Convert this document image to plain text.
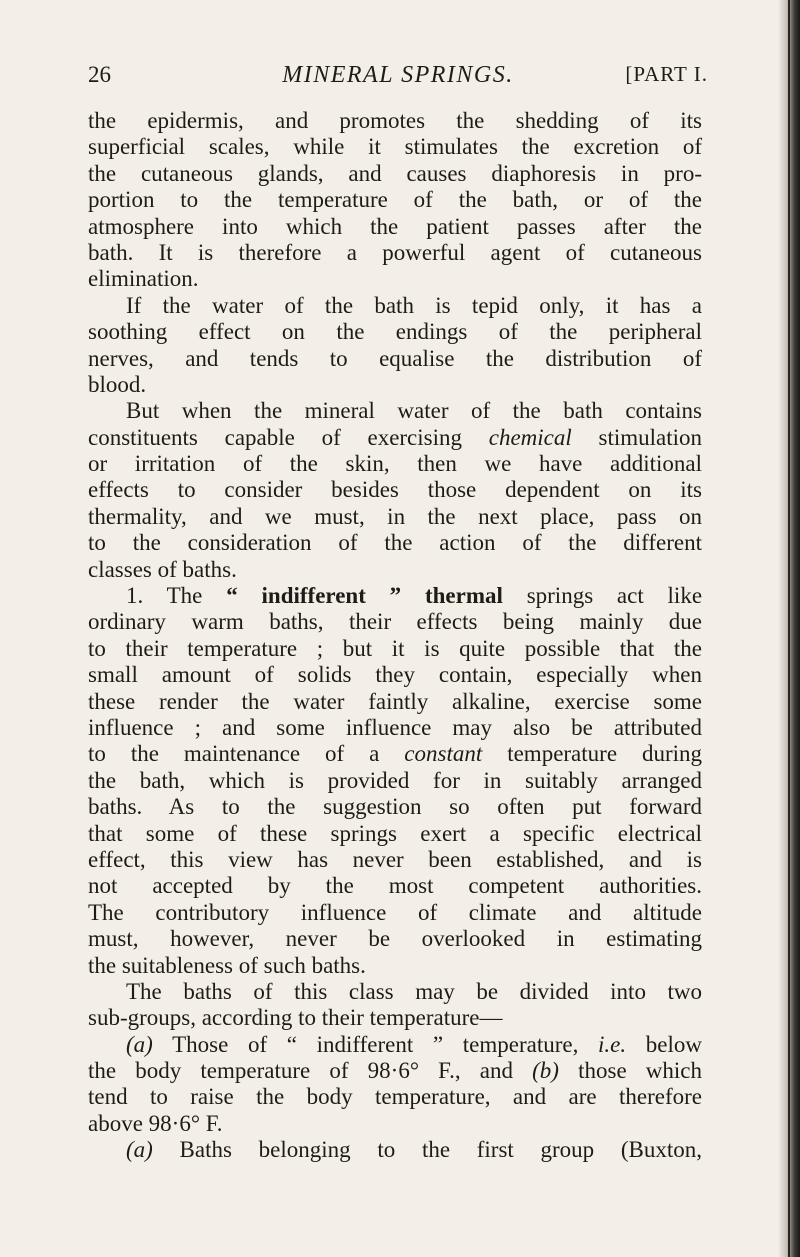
26	MINERAL SPRINGS.	[PART I.
the epidermis, and promotes the shedding of its
superficial scales, while it stimulates the excretion of
the cutaneous glands, and causes diaphoresis in pro-
portion to the temperature of the bath, or of the
atmosphere into which the patient passes after the
bath. It is therefore a powerful agent of cutaneous
elimination.
If the water of the bath is tepid only, it has a
soothing effect on the endings of the peripheral
nerves, and tends to equalise the distribution of
blood.
But when the mineral water of the bath contains
constituents capable of exercising chemical stimulation
or irritation of the skin, then we have additional
effects to consider besides those dependent on its
thermality, and we must, in the next place, pass on
to the consideration of the action of the different
classes of baths.
1. The “ indifferent ” thermal springs act like
ordinary warm baths, their effects being mainly due
to their temperature ; but it is quite possible that the
small amount of solids they contain, especially when
these render the water faintly alkaline, exercise some
influence ; and some influence may also be attributed
to the maintenance of a constant temperature during
the bath, which is provided for in suitably arranged
baths. As to the suggestion so often put forward
that some of these springs exert a specific electrical
effect, this view has never been established, and is
not accepted by the most competent authorities.
The contributory influence of climate and altitude
must, however, never be overlooked in estimating
the suitableness of such baths.
The baths of this class may be divided into two
sub-groups, according to their temperature—
(a) Those of “ indifferent ” temperature, i.e. below
the body temperature of 98·6° F., and (b) those which
tend to raise the body temperature, and are therefore
above 98·6° F.
(a) Baths belonging to the first group (Buxton,
